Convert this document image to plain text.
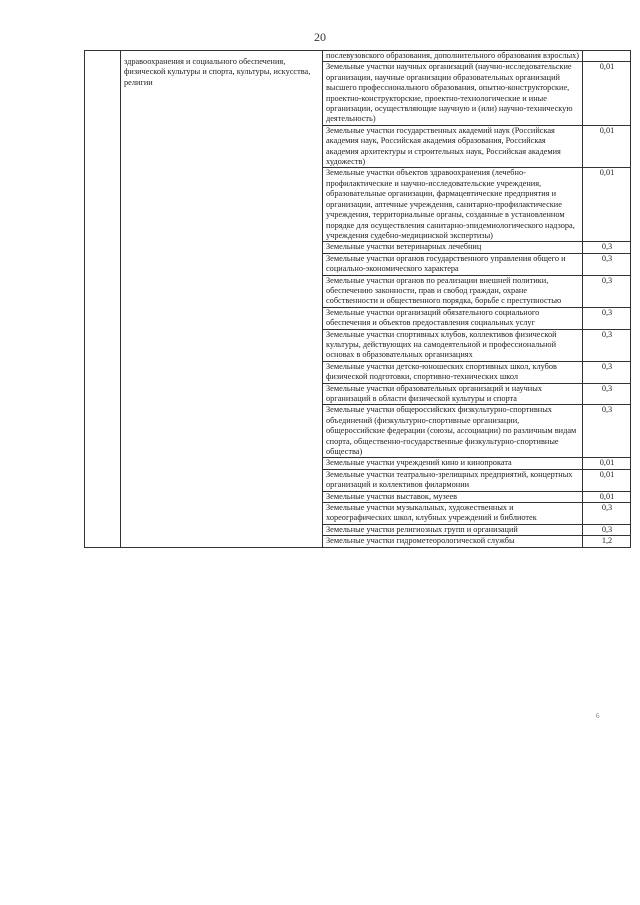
20

	здравоохранения и социального обеспечения, физической культуры и спорта, культуры, искусства, религии	послевузовского образования, дополнительного образования взрослых)	
		Земельные участки научных организаций (научно-исследовательские организации, научные организации образовательных организаций высшего профессионального образования, опытно-конструкторские, проектно-конструкторские, проектно-технологические и иные организации, осуществляющие научную и (или) научно-техническую деятельность)	0,01
		Земельные участки государственных академий наук (Российская академия наук, Российская академия образования, Российская академия архитектуры и строительных наук, Российская академия художеств)	0,01
		Земельные участки объектов здравоохранения (лечебно-профилактические и научно-исследовательские учреждения, образовательные организации, фармацевтические предприятия и организации, аптечные учреждения, санитарно-профилактические учреждения, территориальные органы, созданные в установленном порядке для осуществления санитарно-эпидемиологического надзора, учреждения судебно-медицинской экспертизы)	0,01
		Земельные участки ветеринарных лечебниц	0,3
		Земельные участки органов государственного управления общего и социально-экономического характера	0,3
		Земельные участки органов по реализации внешней политики, обеспечению законности, прав и свобод граждан, охране собственности и общественного порядка, борьбе с преступностью	0,3
		Земельные участки организаций обязательного социального обеспечения и объектов предоставления социальных услуг	0,3
		Земельные участки спортивных клубов, коллективов физической культуры, действующих на самодеятельной и профессиональной основах в образовательных организациях	0,3
		Земельные участки детско-юношеских спортивных школ, клубов физической подготовки, спортивно-технических школ	0,3
		Земельные участки образовательных организаций и научных организаций в области физической культуры и спорта	0,3
		Земельные участки общероссийских физкультурно-спортивных объединений (физкультурно-спортивные организации, общероссийские федерации (союзы, ассоциации) по различным видам спорта, общественно-государственные физкультурно-спортивные общества)	0,3
		Земельные участки учреждений кино и кинопроката	0,01
		Земельные участки театрально-зрелищных предприятий, концертных организаций и коллективов филармонии	0,01
		Земельные участки выставок, музеев	0,01
		Земельные участки музыкальных, художественных и хореографических школ, клубных учреждений и библиотек	0,3
		Земельные участки религиозных групп и организаций	0,3
		Земельные участки гидрометеорологической службы	1,2
6
